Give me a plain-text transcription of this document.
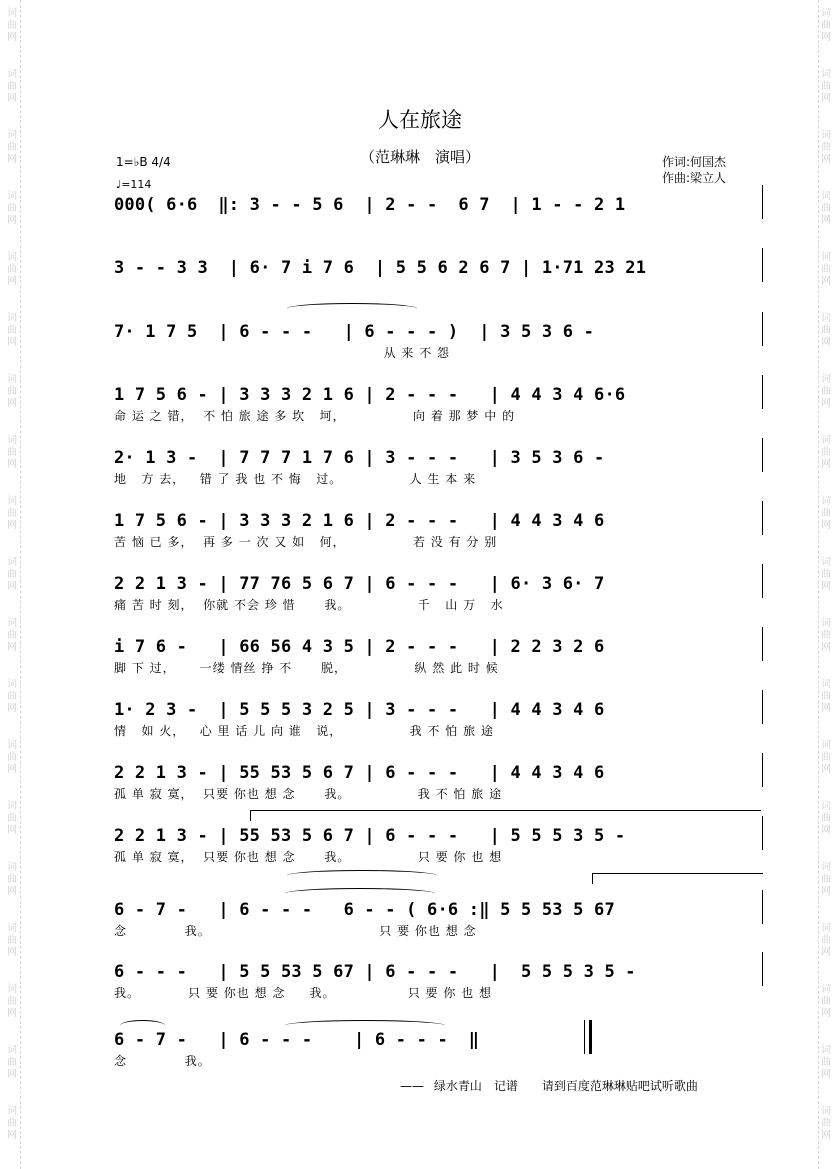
词
曲
网
词
曲
网
词
曲
网
词
曲
网
词
曲
网
词
曲
网
词
曲
网
词
曲
网
词
曲
网
词
曲
网
词
曲
网
词
曲
网
词
曲
网
词
曲
网
词
曲
网
词
曲
网
词
曲
网
词
曲
网
词
曲
网
词
曲
网
词
曲
网
词
曲
网
词
曲
网
词
曲
网
词
曲
网
词
曲
网
词
曲
网
词
曲
网
词
曲
网
词
曲
网
词
曲
网
词
曲
网
词
曲
网
词
曲
网
词
曲
网
词
曲
网
词
曲
网
词
曲
网
人在旅途
（范琳琳　演唱）	作词:何国杰
作曲:梁立人
1=♭B 4/4
♩=114
000( 6·6  ‖: 3 - - 5 6  | 2 - -  6 7  | 1 - - 2 1
3 - - 3 3  | 6· 7 i 7 6  | 5 5 6 2 6 7 | 1·71 23 21
7· 1 7 5  | 6 - - -   | 6 - - - )  | 3 5 3 6 -
从 来 不 怨
1 7 5 6 - | 3 3 3 2 1 6 | 2 - - -   | 4 4 3 4 6·6
命 运 之 错，  不 怕 旅 途 多 坎   坷，              向 着 那 梦 中 的
2· 1 3 -  | 7 7 7 1 7 6 | 3 - - -   | 3 5 3 6 -
地   方 去，   错 了 我 也 不 悔   过。              人 生 本 来
1 7 5 6 - | 3 3 3 2 1 6 | 2 - - -   | 4 4 3 4 6
苦 恼 已 多，  再 多 一 次 又 如   何，              若 没 有 分 别
2 2 1 3 - | 77 76 5 6 7 | 6 - - -   | 6· 3 6· 7
痛 苦 时 刻，  你就 不会 珍 惜      我。              千   山 万   水
i 7 6 -   | 66 56 4 3 5 | 2 - - -   | 2 2 3 2 6
脚 下 过，     一缕 情丝 挣 不      脱，              纵 然 此 时 候
1· 2 3 -  | 5 5 5 3 2 5 | 3 - - -   | 4 4 3 4 6
情   如 火，   心 里 话 儿 向 谁   说，              我 不 怕 旅 途
2 2 1 3 - | 55 53 5 6 7 | 6 - - -   | 4 4 3 4 6
孤 单 寂 寞，  只要 你也 想 念      我。              我 不 怕 旅 途
2 2 1 3 - | 55 53 5 6 7 | 6 - - -   | 5 5 5 3 5 -
孤 单 寂 寞，  只要 你也 想 念      我。              只 要 你 也 想
6 - 7 -   | 6 - - -   6 - - ( 6·6 :‖ 5 5 53 5 67
念            我。                                   只 要 你也 想 念
6 - - -   | 5 5 53 5 67 | 6 - - -   |  5 5 5 3 5 -
我。          只 要 你也 想 念     我。               只 要 你 也 想
6 - 7 -   | 6 - - -    | 6 - - -  ‖
念            我。
—— 绿水青山　记谱　　请到百度范琳琳贴吧试听歌曲
